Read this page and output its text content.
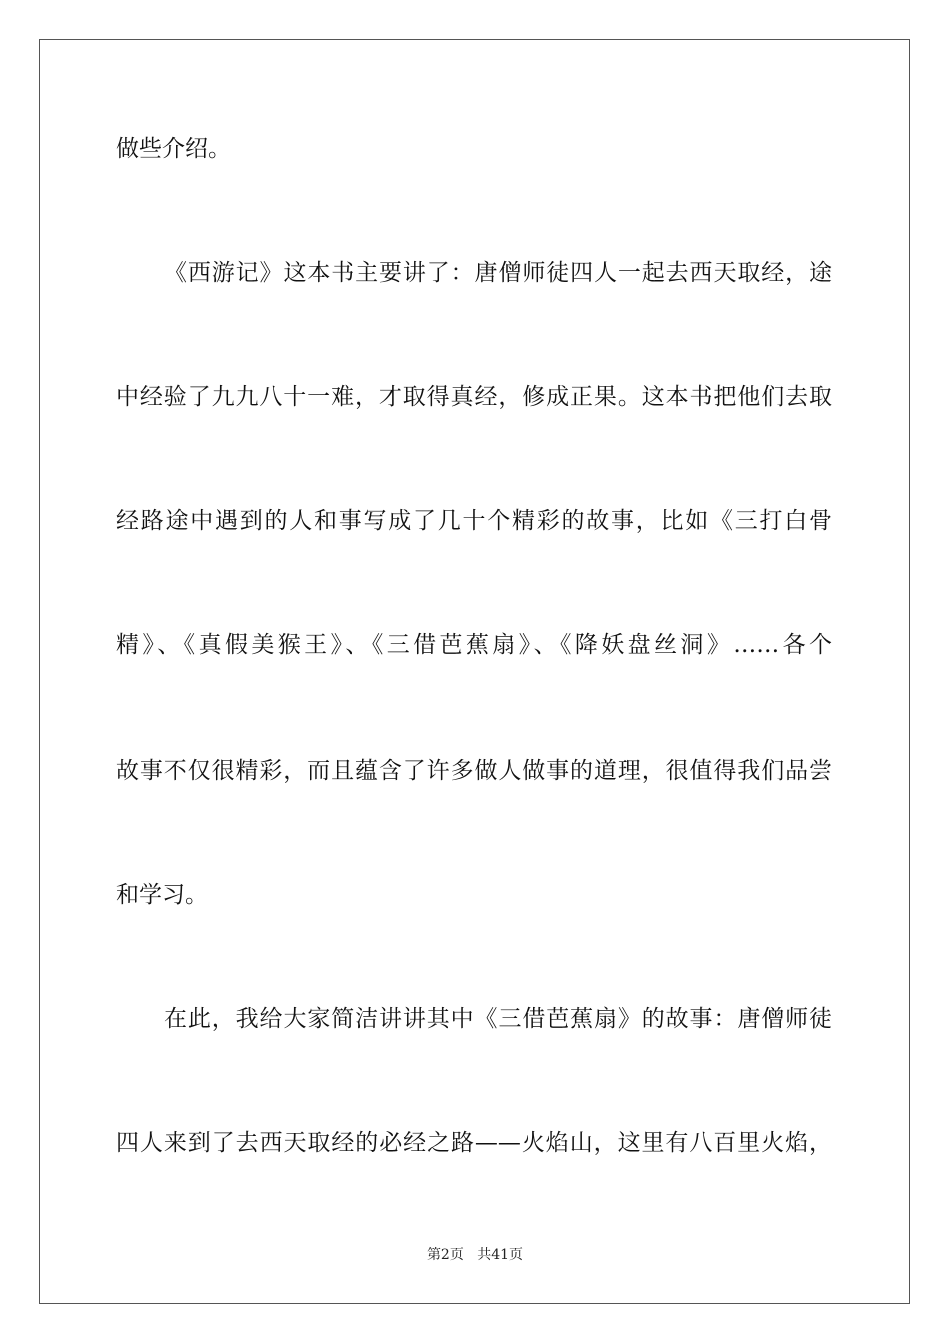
做些介绍。
《西游记》这本书主要讲了：唐僧师徒四人一起去西天取经，途
中经验了九九八十一难，才取得真经，修成正果。这本书把他们去取
经路途中遇到的人和事写成了几十个精彩的故事，比如《三打白骨
精》、《真假美猴王》、《三借芭蕉扇》、《降妖盘丝洞》……各个
故事不仅很精彩，而且蕴含了许多做人做事的道理，很值得我们品尝
和学习。
在此，我给大家简洁讲讲其中《三借芭蕉扇》的故事：唐僧师徒
四人来到了去西天取经的必经之路——火焰山，这里有八百里火焰，
第2页 共41页
